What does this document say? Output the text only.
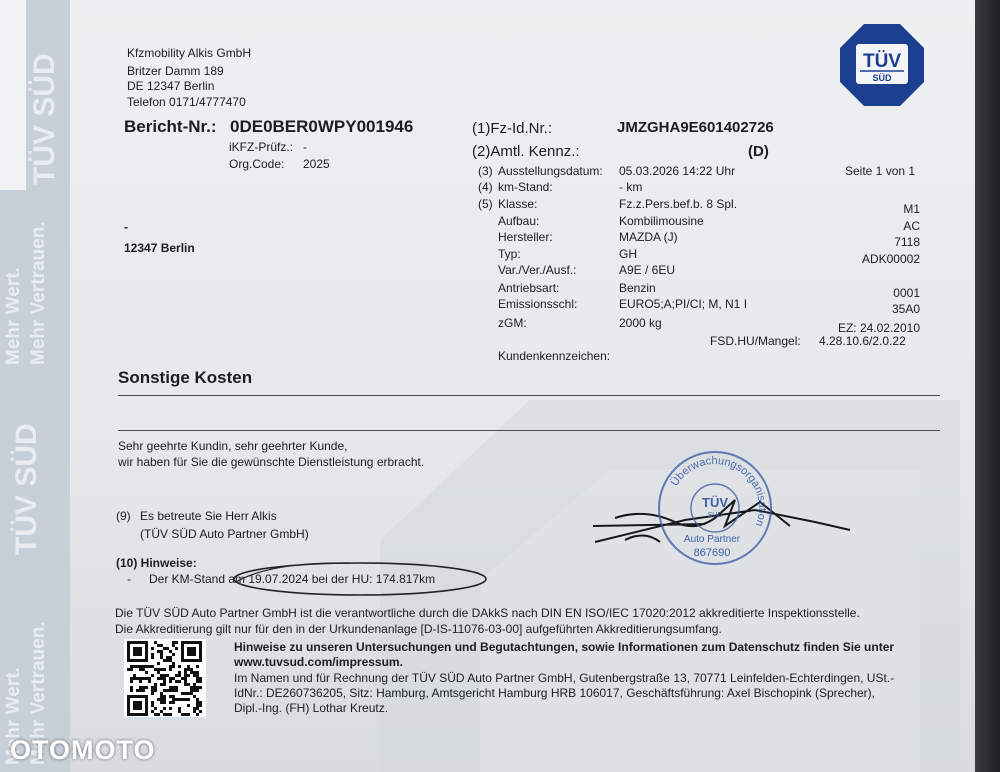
TÜV SÜD
Mehr Wert. Mehr Vertrauen.
TÜV SÜD
Mehr Wert. Mehr Vertrauen.
TÜV
SÜD
Kfzmobility Alkis GmbH
Britzer Damm 189
DE 12347 Berlin
Telefon 0171/4777470
Bericht-Nr.: 0DE0BER0WPY001946
iKFZ-Prüfz.: -
Org.Code: 2025
-
12347 Berlin
(1)Fz-Id.Nr.:	JMZGHA9E601402726
(2)Amtl. Kennz.:	(D)
Seite 1 von 1
(3) Ausstellungsdatum: 05.03.2026 14:22 Uhr
(4) km-Stand:	- km
(5) Klasse:	Fz.z.Pers.bef.b. 8 Spl.	M1
Aufbau:	Kombilimousine	AC
Hersteller:	MAZDA (J)	7118
Typ:	GH	ADK00002
Var./Ver./Ausf.:	A9E / 6EU
Antriebsart:	Benzin	0001
Emissionsschl:	EURO5;A;PI/CI; M, N1 I	35A0
zGM:	2000 kg	EZ: 24.02.2010
FSD.HU/Mangel: 4.28.10.6/2.0.22
Kundenkennzeichen:
Sonstige Kosten
Sehr geehrte Kundin, sehr geehrter Kunde,
wir haben für Sie die gewünschte Dienstleistung erbracht.
(9) Es betreute Sie Herr Alkis
(TÜV SÜD Auto Partner GmbH)
Überwachungsorganisation
TÜV
SÜD
Auto Partner
867690
(10) Hinweise:
- Der KM-Stand am 19.07.2024 bei der HU: 174.817km
Die TÜV SÜD Auto Partner GmbH ist die verantwortliche durch die DAkkS nach DIN EN ISO/IEC 17020:2012 akkreditierte Inspektionsstelle.
Die Akkreditierung gilt nur für den in der Urkundenanlage [D-IS-11076-03-00] aufgeführten Akkreditierungsumfang.
Hinweise zu unseren Untersuchungen und Begutachtungen, sowie Informationen zum Datenschutz finden Sie unter
www.tuvsud.com/impressum.
Im Namen und für Rechnung der TÜV SÜD Auto Partner GmbH, Gutenbergstraße 13, 70771 Leinfelden-Echterdingen, USt.-
IdNr.: DE260736205, Sitz: Hamburg, Amtsgericht Hamburg HRB 106017, Geschäftsführung: Axel Bischopink (Sprecher),
Dipl.-Ing. (FH) Lothar Kreutz.
OTOMOTO
